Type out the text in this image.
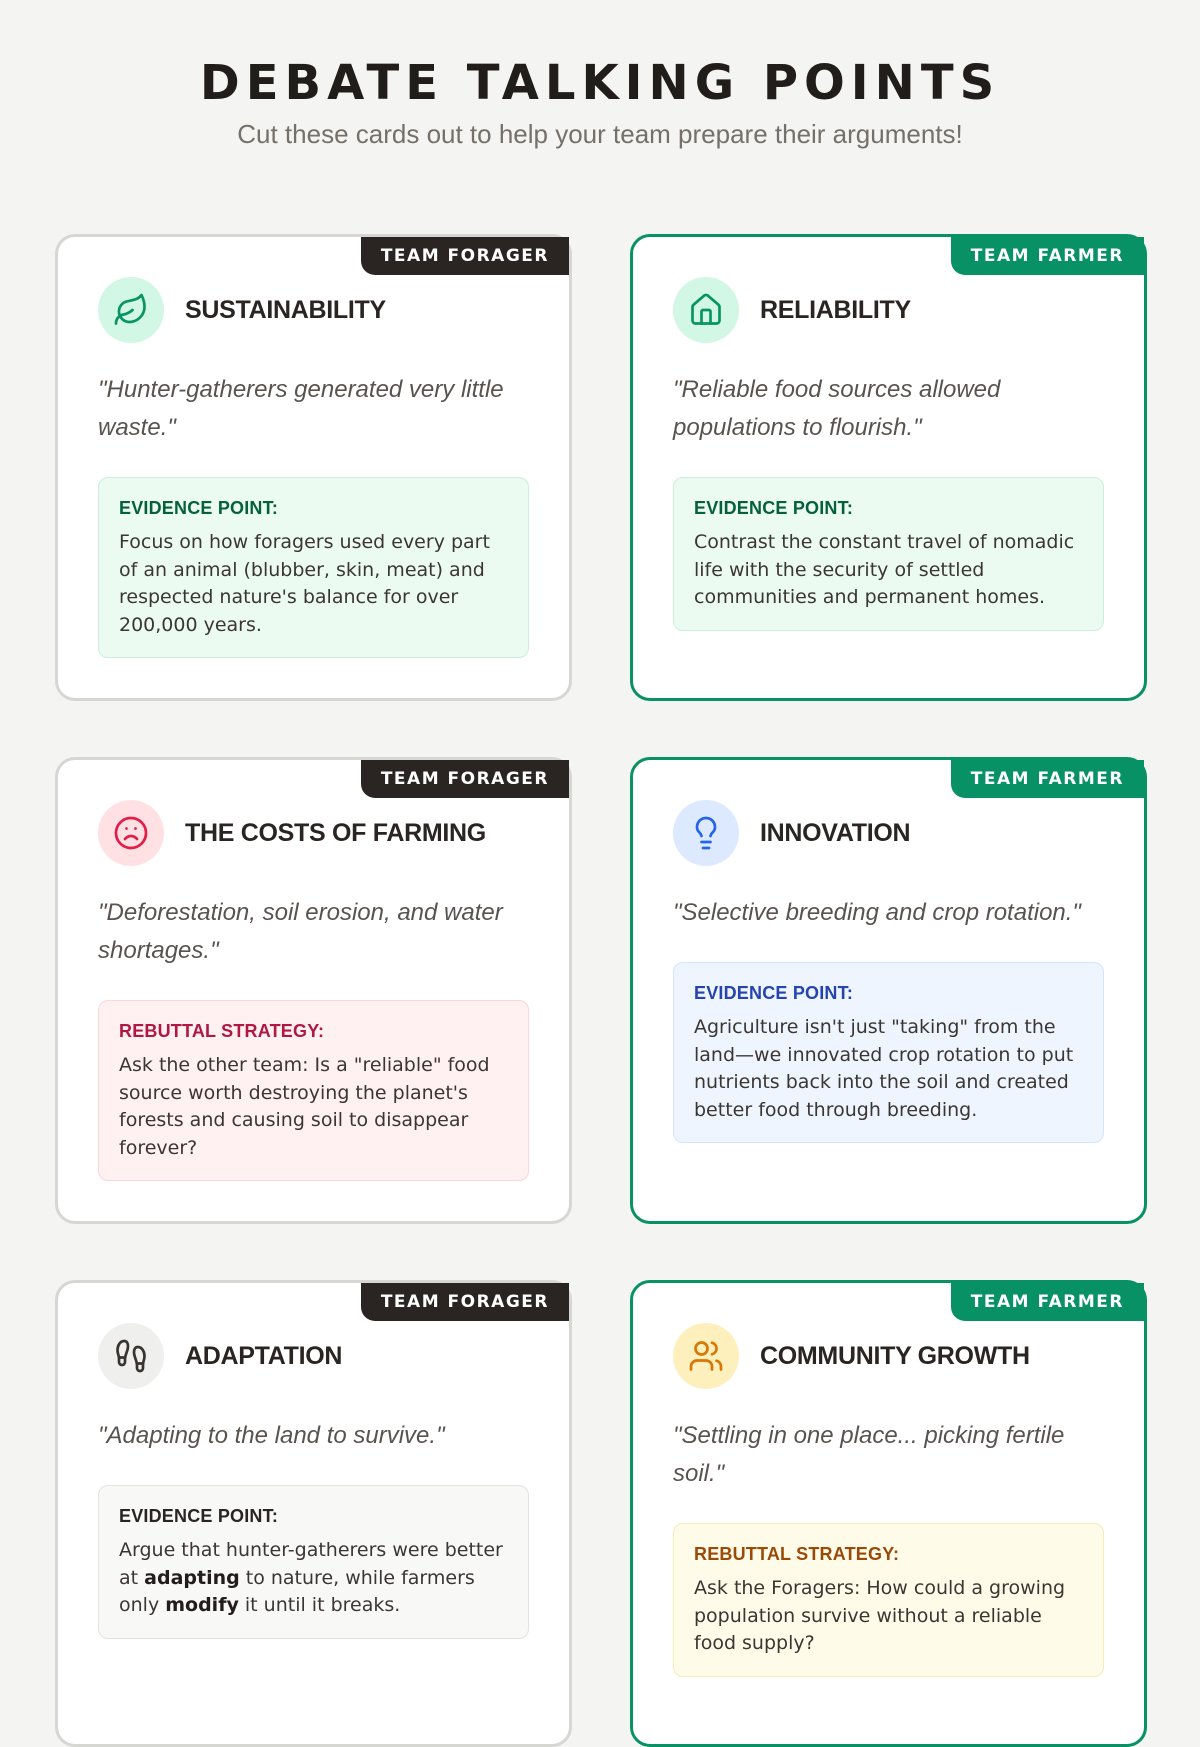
DEBATE TALKING POINTS

Cut these cards out to help your team prepare their arguments!

TEAM FORAGER
SUSTAINABILITY

"Hunter-gatherers generated very little waste."

EVIDENCE POINT:
Focus on how foragers used every part of an animal (blubber, skin, meat) and respected nature's balance for over 200,000 years.
TEAM FARMER
RELIABILITY

"Reliable food sources allowed populations to flourish."

EVIDENCE POINT:
Contrast the constant travel of nomadic life with the security of settled communities and permanent homes.
TEAM FORAGER
THE COSTS OF FARMING

"Deforestation, soil erosion, and water shortages."

REBUTTAL STRATEGY:
Ask the other team: Is a "reliable" food source worth destroying the planet's forests and causing soil to disappear forever?
TEAM FARMER
INNOVATION

"Selective breeding and crop rotation."

EVIDENCE POINT:
Agriculture isn't just "taking" from the land—we innovated crop rotation to put nutrients back into the soil and created better food through breeding.
TEAM FORAGER
ADAPTATION

"Adapting to the land to survive."

EVIDENCE POINT:
Argue that hunter-gatherers were better at adapting to nature, while farmers only modify it until it breaks.
TEAM FARMER
COMMUNITY GROWTH

"Settling in one place... picking fertile soil."

REBUTTAL STRATEGY:
Ask the Foragers: How could a growing population survive without a reliable food supply?
